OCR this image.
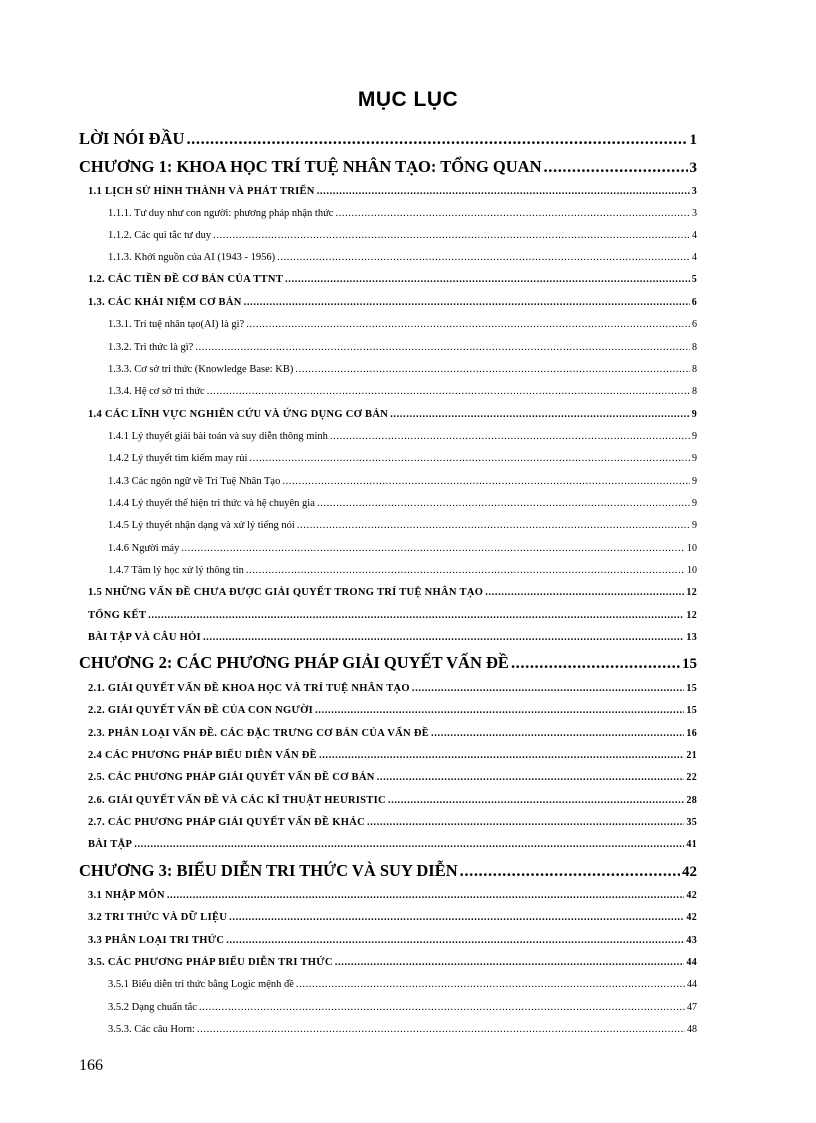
MỤC LỤC
LỜI NÓI ĐẦU .....	1
CHƯƠNG 1: KHOA HỌC TRÍ TUỆ NHÂN TẠO: TỔNG QUAN .....	3
1.1 LỊCH SỬ HÌNH THÀNH VÀ PHÁT TRIỂN .....	3
1.1.1. Tư duy như con người: phương pháp nhận thức .....	3
1.1.2. Các qui tắc tư duy .....	4
1.1.3. Khởi nguồn của AI (1943 - 1956) .....	4
1.2. CÁC TIỀN ĐỀ CƠ BẢN CỦA TTNT .....	5
1.3. CÁC KHÁI NIỆM CƠ BẢN .....	6
1.3.1. Trí tuệ nhân tạo(AI) là gì? .....	6
1.3.2. Tri thức là gì? .....	8
1.3.3. Cơ sở tri thức (Knowledge Base: KB) .....	8
1.3.4. Hệ cơ sở tri thức .....	8
1.4 CÁC LĨNH VỰC NGHIÊN CỨU VÀ ỨNG DỤNG CƠ BẢN .....	9
1.4.1 Lý thuyết giải bài toán và suy diễn thông minh .....	9
1.4.2 Lý thuyết tìm kiếm may rủi .....	9
1.4.3 Các ngôn ngữ về Trí Tuệ Nhân Tạo .....	9
1.4.4 Lý thuyết thể hiện tri thức và hệ chuyên gia .....	9
1.4.5 Lý thuyết nhận dạng và xử lý tiếng nói .....	9
1.4.6 Người máy .....	10
1.4.7 Tâm lý học xử lý thông tin .....	10
1.5 NHỮNG VẤN ĐỀ CHƯA ĐƯỢC GIẢI QUYẾT TRONG TRÍ TUỆ NHÂN TẠO .....	12
TỔNG KẾT .....	12
BÀI TẬP VÀ CÂU HỎI .....	13
CHƯƠNG 2: CÁC PHƯƠNG PHÁP GIẢI QUYẾT VẤN ĐỀ .....	15
2.1. GIẢI QUYẾT VẤN ĐỀ KHOA HỌC VÀ TRÍ TUỆ NHÂN TẠO .....	15
2.2. GIẢI QUYẾT VẤN ĐỀ CỦA CON NGƯỜI .....	15
2.3. PHÂN LOẠI VẤN ĐỀ. CÁC ĐẶC TRƯNG CƠ BẢN CỦA VẤN ĐỀ .....	16
2.4 CÁC PHƯƠNG PHÁP BIỂU DIỄN VẤN ĐỀ .....	21
2.5. CÁC PHƯƠNG PHÁP GIẢI QUYẾT VẤN ĐỀ CƠ BẢN .....	22
2.6. GIẢI QUYẾT VẤN ĐỀ VÀ CÁC KĨ THUẬT HEURISTIC .....	28
2.7. CÁC PHƯƠNG PHÁP GIẢI QUYẾT VẤN ĐỀ KHÁC .....	35
BÀI TẬP .....	41
CHƯƠNG 3: BIỂU DIỄN TRI THỨC VÀ SUY DIỄN .....	42
3.1 NHẬP MÔN .....	42
3.2 TRI THỨC VÀ DỮ LIỆU .....	42
3.3 PHÂN LOẠI TRI THỨC .....	43
3.5. CÁC PHƯƠNG PHÁP BIỂU DIỄN TRI THỨC .....	44
3.5.1 Biểu diễn tri thức bằng Logic mệnh đề .....	44
3.5.2 Dạng chuẩn tắc .....	47
3.5.3. Các câu Horn: .....	48
166
